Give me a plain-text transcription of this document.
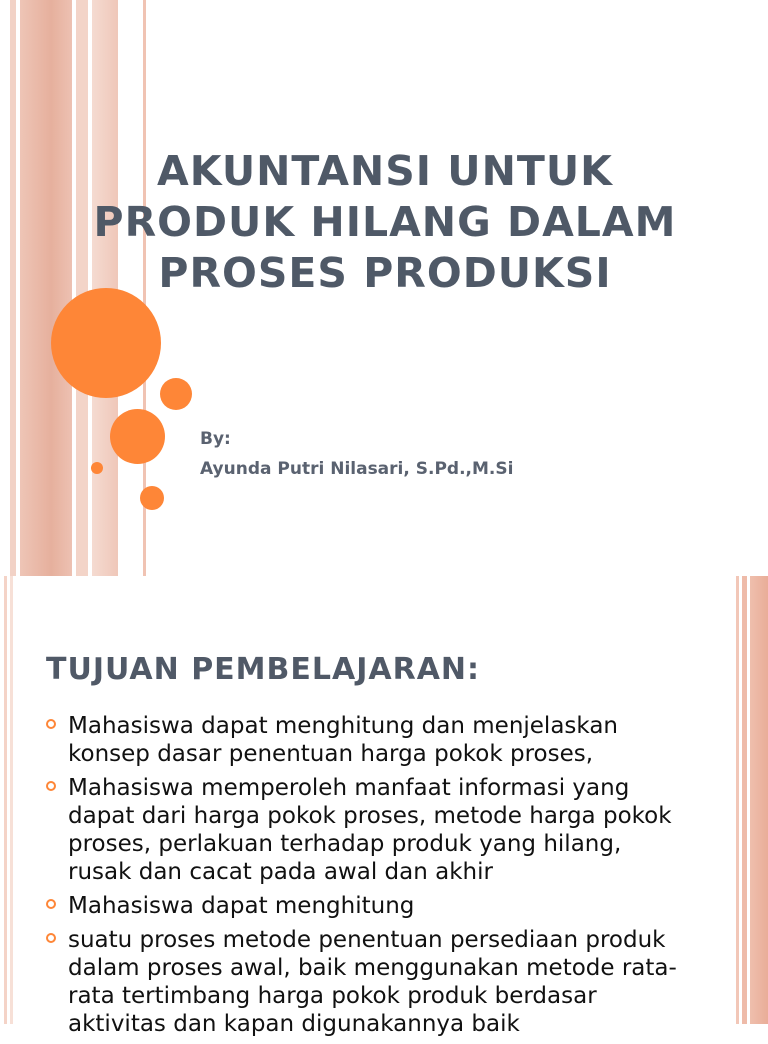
AKUNTANSI UNTUK
PRODUK HILANG DALAM
PROSES PRODUKSI
By:
Ayunda Putri Nilasari, S.Pd.,M.Si
TUJUAN PEMBELAJARAN:
Mahasiswa dapat menghitung dan menjelaskan konsep dasar penentuan harga pokok proses,
Mahasiswa memperoleh manfaat informasi yang dapat dari harga pokok proses, metode harga pokok proses, perlakuan terhadap produk yang hilang, rusak dan cacat pada awal dan akhir
Mahasiswa dapat menghitung
suatu proses metode penentuan persediaan produk dalam proses awal, baik menggunakan metode rata-rata tertimbang harga pokok produk berdasar aktivitas dan kapan digunakannya baik
